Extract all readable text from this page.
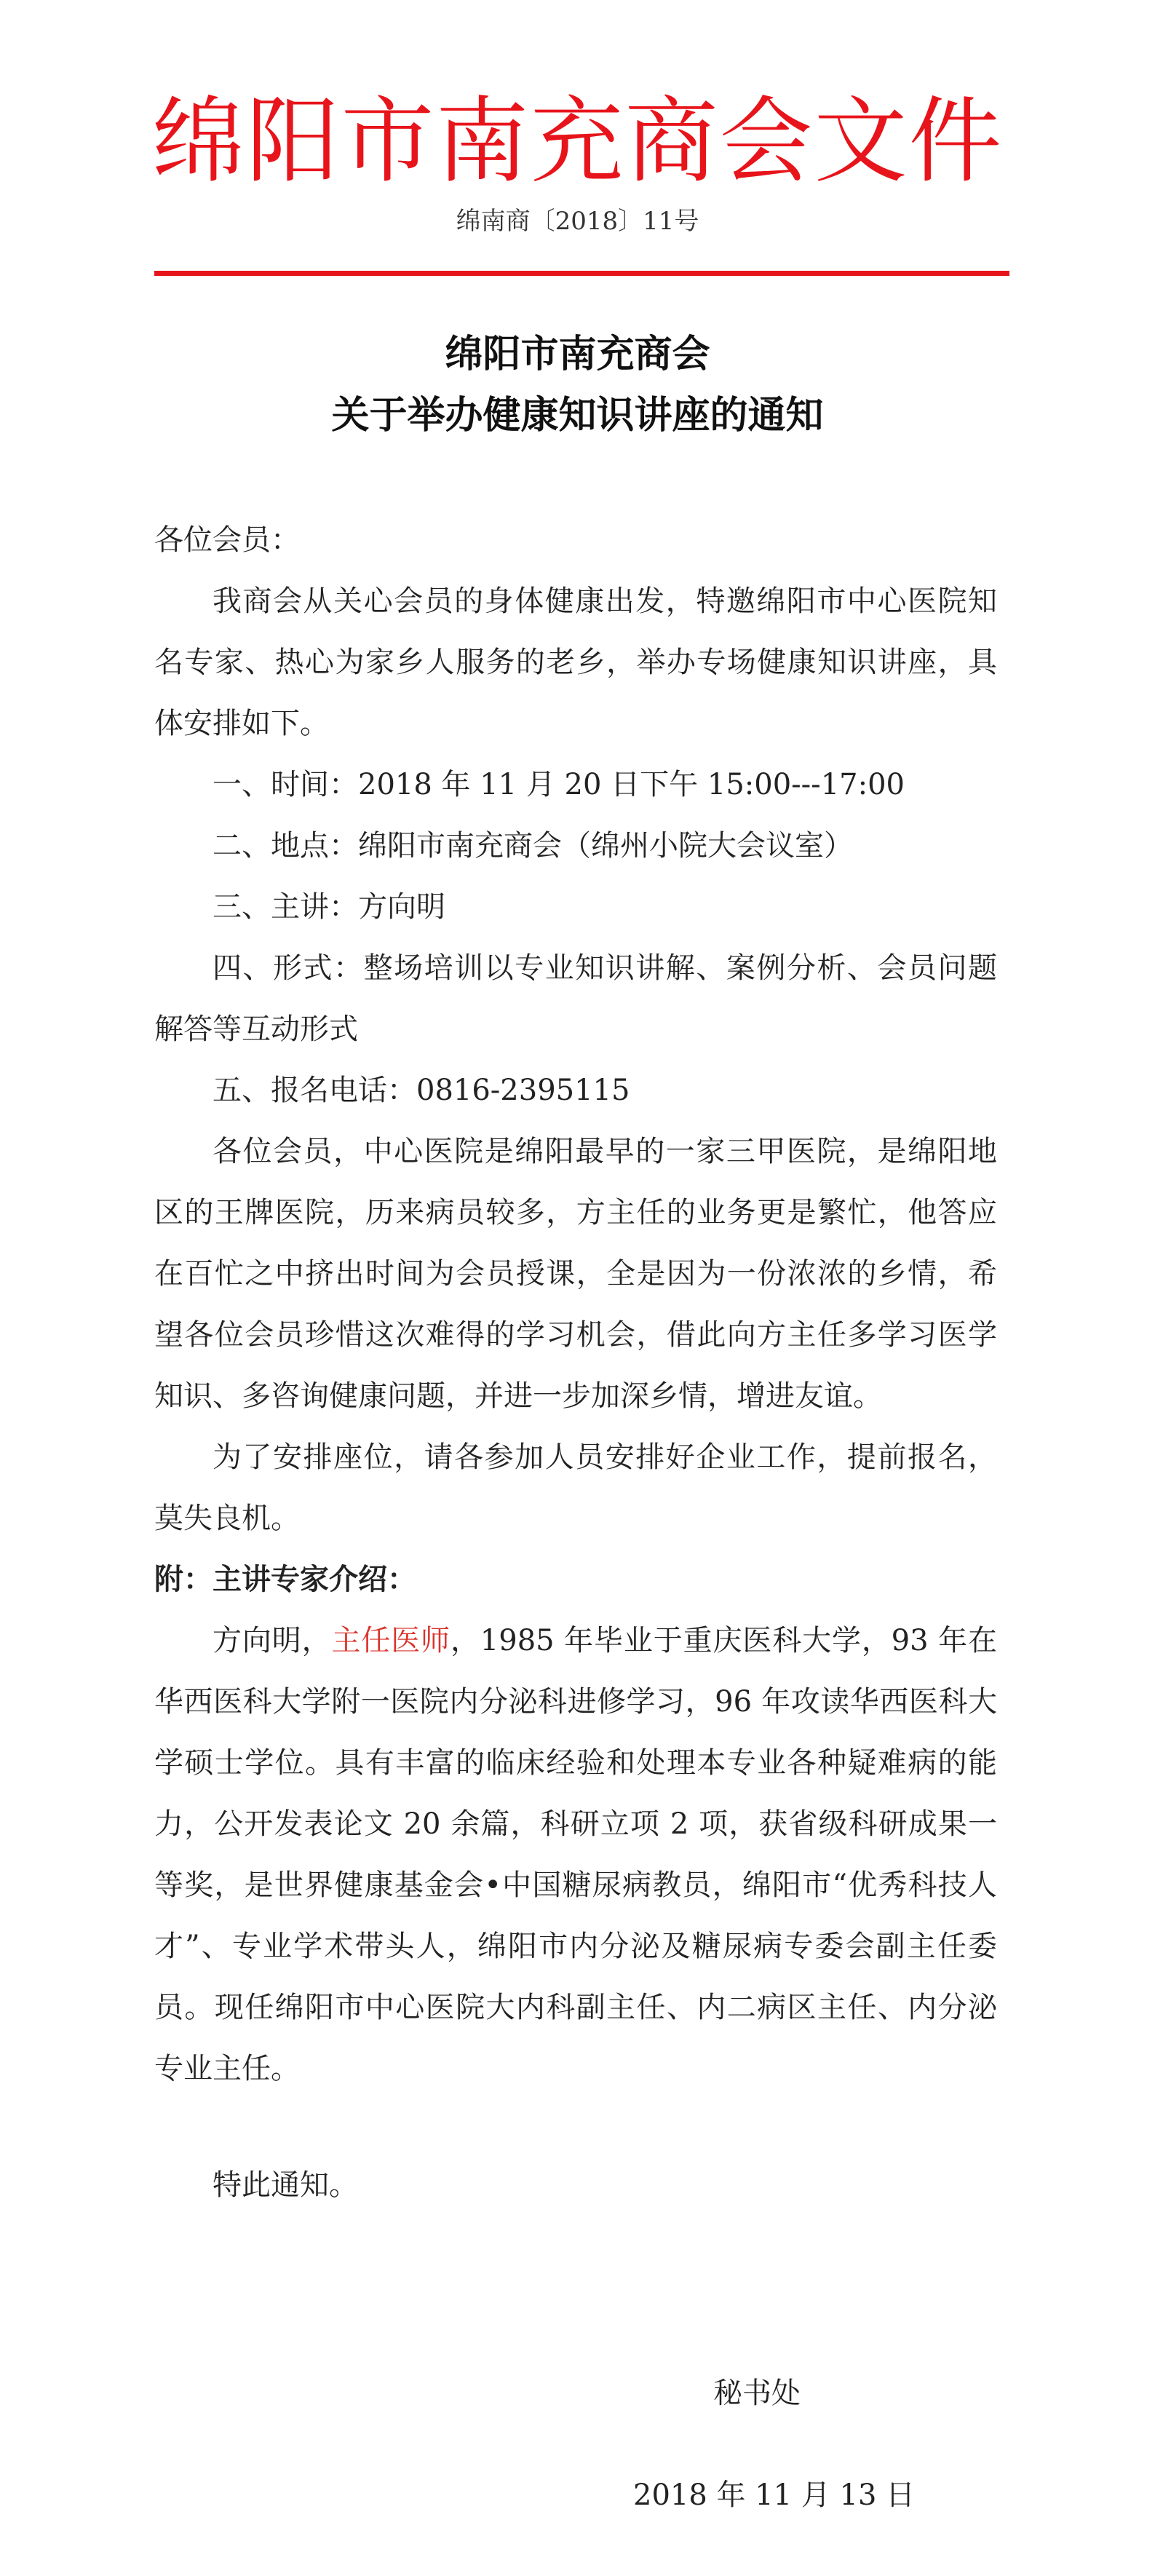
绵阳市南充商会文件
绵南商〔2018〕11号
绵阳市南充商会
关于举办健康知识讲座的通知

各位会员：

我商会从关心会员的身体健康出发，特邀绵阳市中心医院知名专家、热心为家乡人服务的老乡，举办专场健康知识讲座，具体安排如下。

一、时间：2018 年 11 月 20 日下午 15:00---17:00

二、地点：绵阳市南充商会（绵州小院大会议室）

三、主讲：方向明

四、形式：整场培训以专业知识讲解、案例分析、会员问题解答等互动形式

五、报名电话：0816-2395115

各位会员，中心医院是绵阳最早的一家三甲医院，是绵阳地区的王牌医院，历来病员较多，方主任的业务更是繁忙，他答应在百忙之中挤出时间为会员授课，全是因为一份浓浓的乡情，希望各位会员珍惜这次难得的学习机会，借此向方主任多学习医学知识、多咨询健康问题，并进一步加深乡情，增进友谊。

为了安排座位，请各参加人员安排好企业工作，提前报名，莫失良机。

附：主讲专家介绍：

方向明，主任医师，1985 年毕业于重庆医科大学，93 年在华西医科大学附一医院内分泌科进修学习，96 年攻读华西医科大学硕士学位。具有丰富的临床经验和处理本专业各种疑难病的能力，公开发表论文 20 余篇，科研立项 2 项，获省级科研成果一等奖，是世界健康基金会•中国糖尿病教员，绵阳市“优秀科技人才”、专业学术带头人，绵阳市内分泌及糖尿病专委会副主任委员。现任绵阳市中心医院大内科副主任、内二病区主任、内分泌专业主任。

特此通知。

秘书处
2018 年 11 月 13 日
